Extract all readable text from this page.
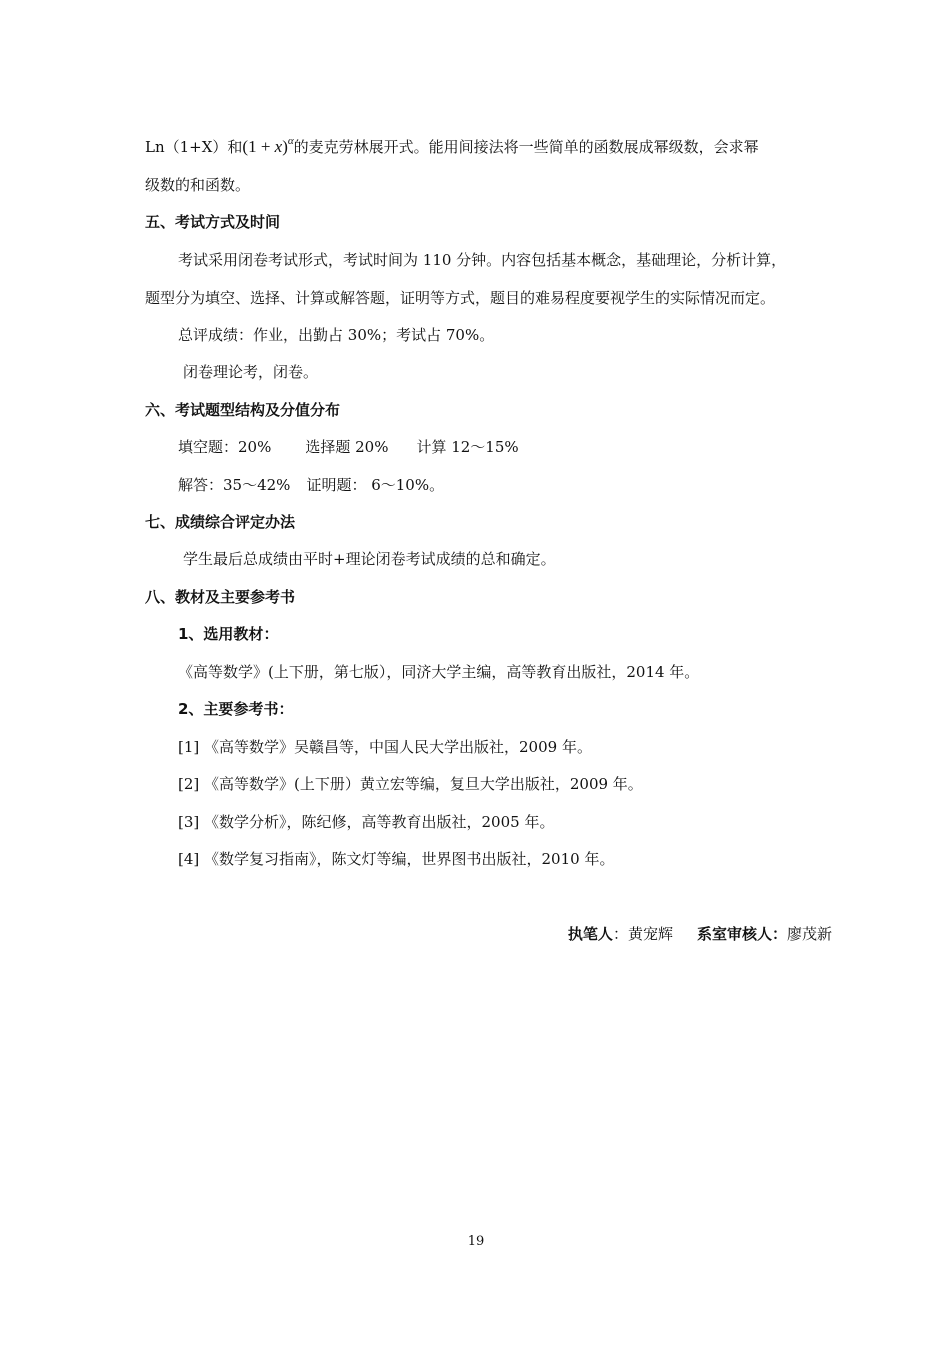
Ln（1+X）和$(1 + x)^\alpha$的麦克劳林展开式。能用间接法将一些简单的函数展成幂级数，会求幂
级数的和函数。
五、考试方式及时间
考试采用闭卷考试形式，考试时间为 110 分钟。内容包括基本概念，基础理论，分析计算，
题型分为填空、选择、计算或解答题，证明等方式，题目的难易程度要视学生的实际情况而定。
总评成绩：作业，出勤占 30%；考试占 70%。
闭卷理论考，闭卷。
六、考试题型结构及分值分布
填空题：20% 选择题 20% 计算 12～15%
解答：35～42% 证明题： 6～10%。
七、成绩综合评定办法
学生最后总成绩由平时+理论闭卷考试成绩的总和确定。
八、教材及主要参考书
1、选用教材：
《高等数学》(上下册，第七版），同济大学主编，高等教育出版社，2014 年。
2、主要参考书：
[1] 《高等数学》吴赣昌等，中国人民大学出版社，2009 年。
[2] 《高等数学》(上下册）黄立宏等编，复旦大学出版社，2009 年。
[3] 《数学分析》，陈纪修，高等教育出版社，2005 年。
[4] 《数学复习指南》，陈文灯等编，世界图书出版社，2010 年。
执笔人：黄宠辉 系室审核人：廖茂新
19
